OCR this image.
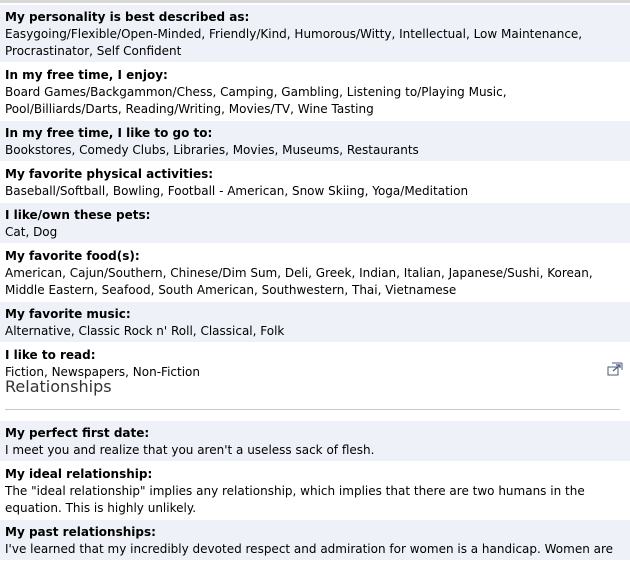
My personality is best described as:
Easygoing/Flexible/Open-Minded, Friendly/Kind, Humorous/Witty, Intellectual, Low Maintenance, Procrastinator, Self Confident
In my free time, I enjoy:
Board Games/Backgammon/Chess, Camping, Gambling, Listening to/Playing Music, Pool/Billiards/Darts, Reading/Writing, Movies/TV, Wine Tasting
In my free time, I like to go to:
Bookstores, Comedy Clubs, Libraries, Movies, Museums, Restaurants
My favorite physical activities:
Baseball/Softball, Bowling, Football - American, Snow Skiing, Yoga/Meditation
I like/own these pets:
Cat, Dog
My favorite food(s):
American, Cajun/Southern, Chinese/Dim Sum, Deli, Greek, Indian, Italian, Japanese/Sushi, Korean, Middle Eastern, Seafood, South American, Southwestern, Thai, Vietnamese
My favorite music:
Alternative, Classic Rock n' Roll, Classical, Folk
I like to read:
Fiction, Newspapers, Non-Fiction
Relationships
My perfect first date:
I meet you and realize that you aren't a useless sack of flesh.
My ideal relationship:
The "ideal relationship" implies any relationship, which implies that there are two humans in the equation. This is highly unlikely.
My past relationships:
I've learned that my incredibly devoted respect and admiration for women is a handicap. Women are
